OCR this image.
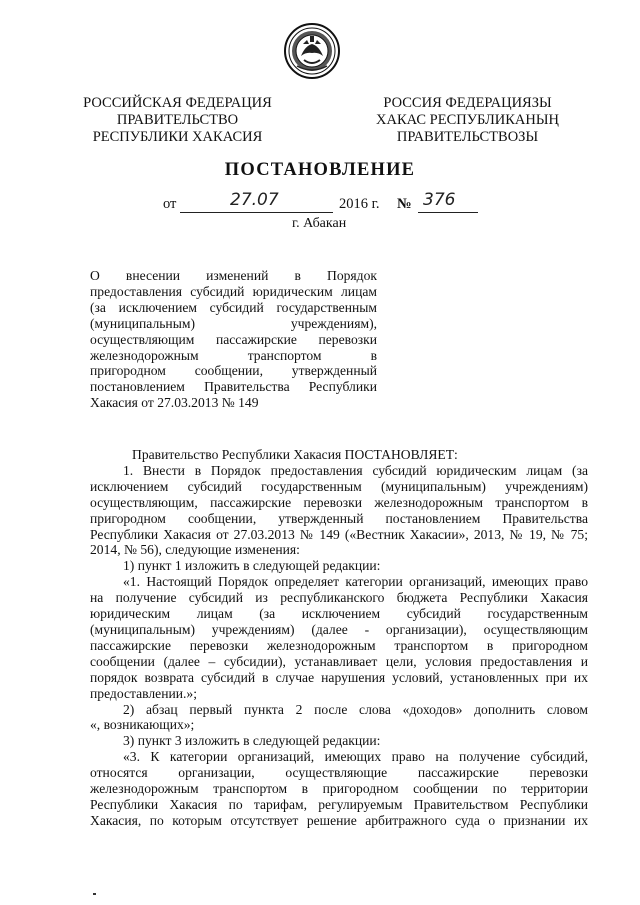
РОССИЙСКАЯ ФЕДЕРАЦИЯ
ПРАВИТЕЛЬСТВО
РЕСПУБЛИКИ ХАКАСИЯ
РОССИЯ ФЕДЕРАЦИЯЗЫ
ХАКАС РЕСПУБЛИКАНЫҢ
ПРАВИТЕЛЬСТВОЗЫ
ПОСТАНОВЛЕНИЕ
от	27.07	2016 г. № 376
г. Абакан
О внесении изменений в Порядок
предоставления субсидий юридическим лицам
(за исключением субсидий государственным
(муниципальным) учреждениям),
осуществляющим пассажирские перевозки
железнодорожным транспортом в
пригородном сообщении, утвержденный
постановлением Правительства Республики
Хакасия от 27.03.2013 № 149
Правительство Республики Хакасия ПОСТАНОВЛЯЕТ:
1. Внести в Порядок предоставления субсидий юридическим лицам (за
исключением субсидий государственным (муниципальным) учреждениям)
осуществляющим, пассажирские перевозки железнодорожным транспортом в
пригородном сообщении, утвержденный постановлением Правительства
Республики Хакасия от 27.03.2013 № 149 («Вестник Хакасии», 2013, № 19, № 75;
2014, № 56), следующие изменения:
1) пункт 1 изложить в следующей редакции:
«1. Настоящий Порядок определяет категории организаций, имеющих право
на получение субсидий из республиканского бюджета Республики Хакасия
юридическим лицам (за исключением субсидий государственным
(муниципальным) учреждениям) (далее - организации), осуществляющим
пассажирские перевозки железнодорожным транспортом в пригородном
сообщении (далее – субсидии), устанавливает цели, условия предоставления и
порядок возврата субсидий в случае нарушения условий, установленных при их
предоставлении.»;
2) абзац первый пункта 2 после слова «доходов» дополнить словом
«, возникающих»;
3) пункт 3 изложить в следующей редакции:
«3. К категории организаций, имеющих право на получение субсидий,
относятся организации, осуществляющие пассажирские перевозки
железнодорожным транспортом в пригородном сообщении по территории
Республики Хакасия по тарифам, регулируемым Правительством Республики
Хакасия, по которым отсутствует решение арбитражного суда о признании их
